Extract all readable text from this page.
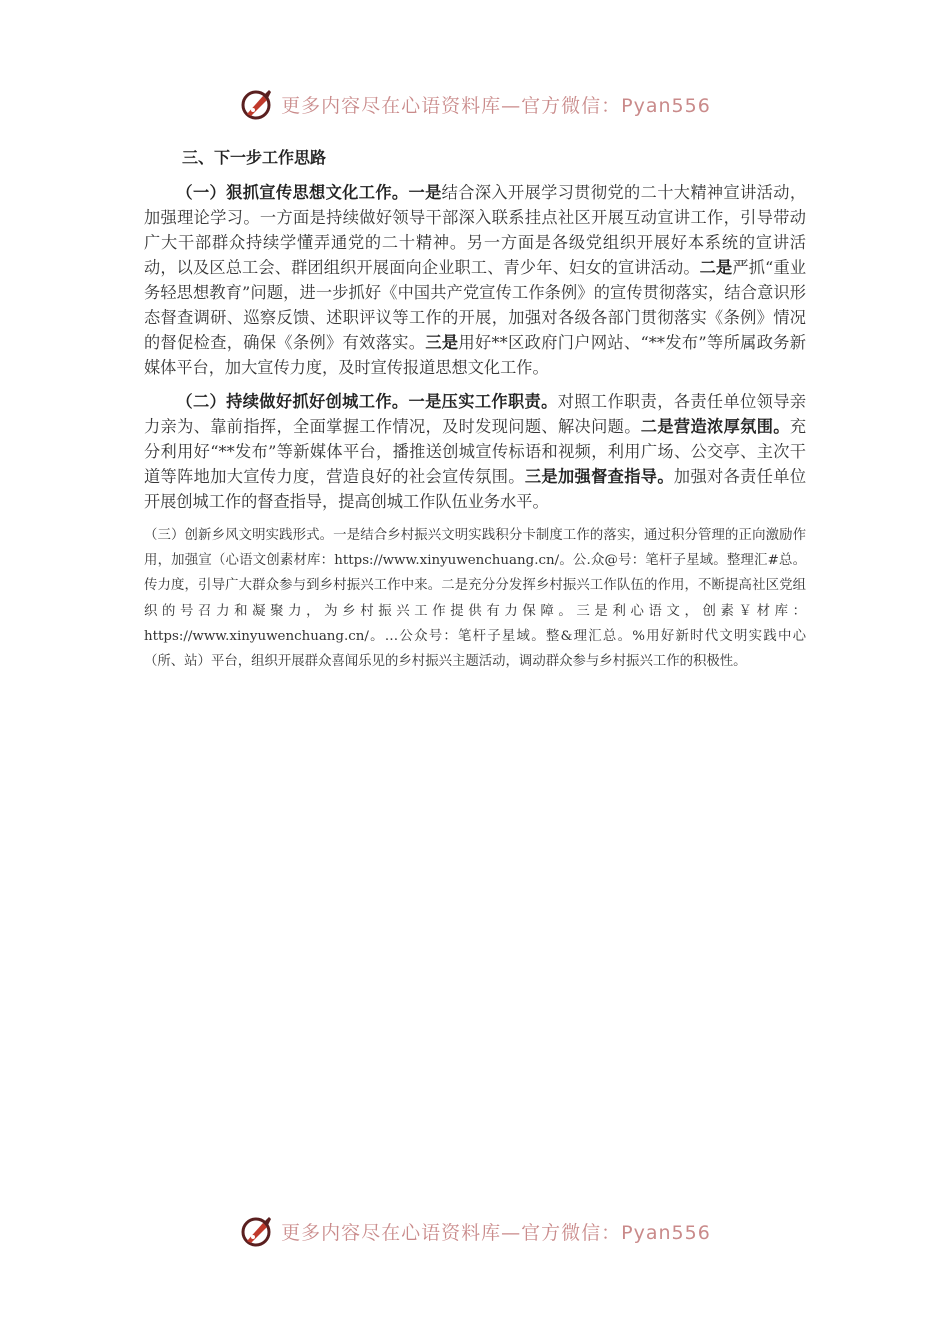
更多内容尽在心语资料库—官方微信：Pyan556
三、下一步工作思路

（一）狠抓宣传思想文化工作。一是结合深入开展学习贯彻党的二十大精神宣讲活动，加强理论学习。一方面是持续做好领导干部深入联系挂点社区开展互动宣讲工作，引导带动广大干部群众持续学懂弄通党的二十精神。另一方面是各级党组织开展好本系统的宣讲活动，以及区总工会、群团组织开展面向企业职工、青少年、妇女的宣讲活动。二是严抓“重业务轻思想教育”问题，进一步抓好《中国共产党宣传工作条例》的宣传贯彻落实，结合意识形态督查调研、巡察反馈、述职评议等工作的开展，加强对各级各部门贯彻落实《条例》情况的督促检查，确保《条例》有效落实。三是用好**区政府门户网站、“**发布”等所属政务新媒体平台，加大宣传力度，及时宣传报道思想文化工作。

（二）持续做好抓好创城工作。一是压实工作职责。对照工作职责，各责任单位领导亲力亲为、靠前指挥，全面掌握工作情况，及时发现问题、解决问题。二是营造浓厚氛围。充分利用好“**发布”等新媒体平台，播推送创城宣传标语和视频，利用广场、公交亭、主次干道等阵地加大宣传力度，营造良好的社会宣传氛围。三是加强督查指导。加强对各责任单位开展创城工作的督查指导，提高创城工作队伍业务水平。

（三）创新乡风文明实践形式。一是结合乡村振兴文明实践积分卡制度工作的落实，通过积分管理的正向激励作用，加强宣（心语文创素材库：https://www.xinyuwenchuang.cn/。公.众@号：笔杆子星域。整理汇#总。传力度，引导广大群众参与到乡村振兴工作中来。二是充分分发挥乡村振兴工作队伍的作用，不断提高社区党组织的号召力和凝聚力，为乡村振兴工作提供有力保障。三是利心语文，创素￥材库：https://www.xinyuwenchuang.cn/。…公众号：笔杆子星域。整&理汇总。%用好新时代文明实践中心（所、站）平台，组织开展群众喜闻乐见的乡村振兴主题活动，调动群众参与乡村振兴工作的积极性。

更多内容尽在心语资料库—官方微信：Pyan556
